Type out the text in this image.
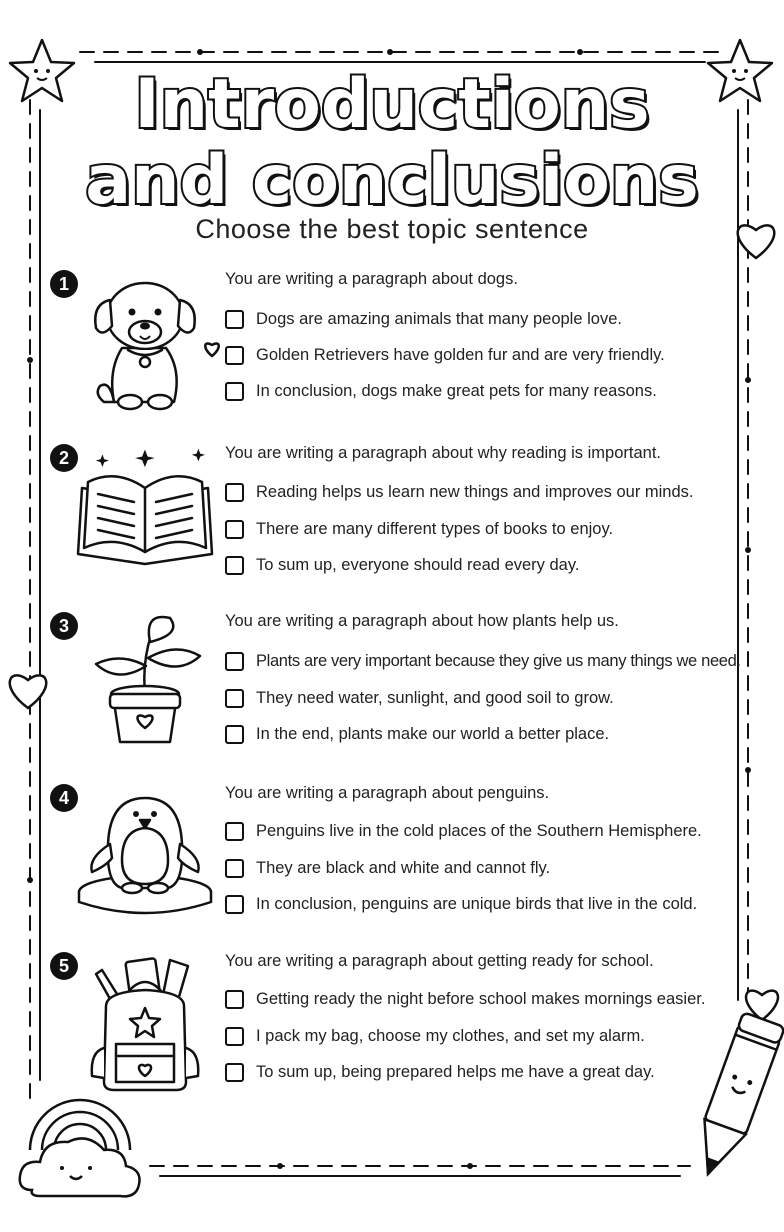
Introductions
and conclusions
Choose the best topic sentence
1	You are writing a paragraph about dogs.
Dogs are amazing animals that many people love.
Golden Retrievers have golden fur and are very friendly.
In conclusion, dogs make great pets for many reasons.
2	You are writing a paragraph about why reading is important.
Reading helps us learn new things and improves our minds.
There are many different types of books to enjoy.
To sum up, everyone should read every day.
3	You are writing a paragraph about how plants help us.
Plants are very important because they give us many things we need.
They need water, sunlight, and good soil to grow.
In the end, plants make our world a better place.
4	You are writing a paragraph about penguins.
Penguins live in the cold places of the Southern Hemisphere.
They are black and white and cannot fly.
In conclusion, penguins are unique birds that live in the cold.
5	You are writing a paragraph about getting ready for school.
Getting ready the night before school makes mornings easier.
I pack my bag, choose my clothes, and set my alarm.
To sum up, being prepared helps me have a great day.
